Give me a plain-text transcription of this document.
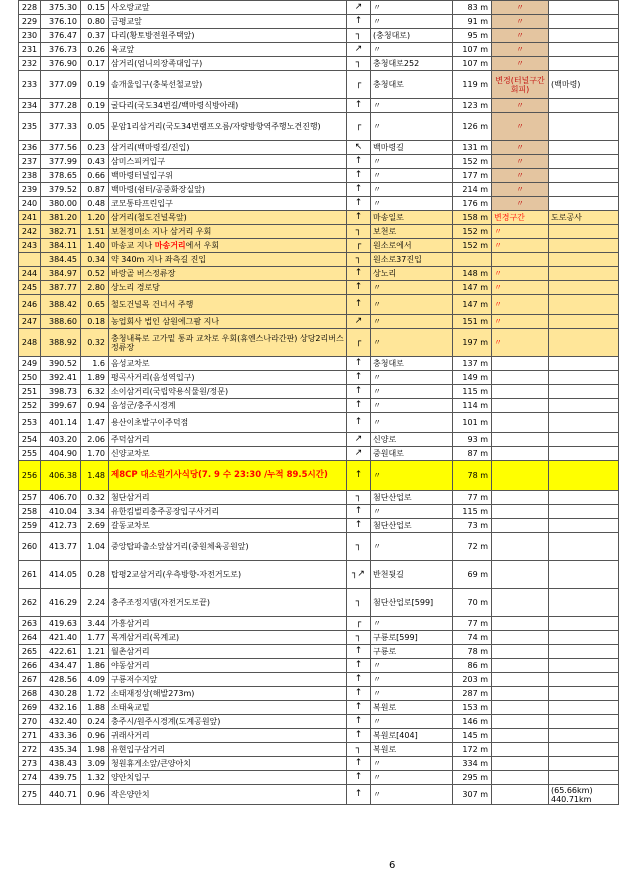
228	375.30	0.15	사오랑교앞	↗	〃	83 m	〃	
229	376.10	0.80	금평교앞	↑	〃	91 m	〃	
230	376.47	0.37	다리(황토방전원주택앞)	┐	(충청대로)	95 m	〃	
231	376.73	0.26	육교앞	↗	〃	107 m	〃	
232	376.90	0.17	삼거리(엄니의장족대입구)	┐	충청대로252	107 m	〃	
233	377.09	0.19	솔개울입구(충북선철교앞)	┌	충청대로	119 m	변경(터널구간회피)	(백마령)
234	377.28	0.19	굴다리(국도34번길/백마령식방아래)	↑	〃	123 m	〃	
235	377.33	0.05	문암1리삼거리(국도34번램프오름/자량방향역주행노견진행)	┌	〃	126 m	〃	
236	377.56	0.23	삼거리(백마령길/진입)	↖	백마령길	131 m	〃	
237	377.99	0.43	삼미스피커입구	↑	〃	152 m	〃	
238	378.65	0.66	백마령터널입구위	↑	〃	177 m	〃	
239	379.52	0.87	백마령(쉼터/공중화장실앞)	↑	〃	214 m	〃	
240	380.00	0.48	코모통타프린입구	↑	〃	176 m	〃	
241	381.20	1.20	삼거리(철도건널목앞)	↑	마송일로	158 m	변경구간	도로공사
242	382.71	1.51	보천정미소 지나 삼거리 우회	┐	보천로	152 m	〃	
243	384.11	1.40	마송교 지나 마송거리에서 우회	┌	원소로에서	152 m	〃	
	384.45	0.34	약 340m 지나 좌측길 진입	┐	원소로37진입			
244	384.97	0.52	바랑골 버스정류장	↑	상노리	148 m	〃	
245	387.77	2.80	상노리 경로당	↑	〃	147 m	〃	
246	388.42	0.65	철도건널목 건너서 주행	↑	〃	147 m	〃	
247	388.60	0.18	농업회사 법인 삼원에그팜 지나	↗	〃	151 m	〃	
248	388.92	0.32	충청내륙로 고가밑 통과 교차로 우회(휴엔스나라간판) 상당2리버스정류장	┌	〃	197 m	〃	
249	390.52	1.6	음성교차로	↑	충청대로	137 m		
250	392.41	1.89	평곡사거리(음성역입구)	↑	〃	149 m		
251	398.73	6.32	소이삼거리(국립약용식물원/정문)	↑	〃	115 m		
252	399.67	0.94	음성군/충주시경계	↑	〃	114 m		
253	401.14	1.47	용산이초발구이주덕점	↑	〃	101 m		
254	403.20	2.06	주덕삼거리	↗	신양로	93 m		
255	404.90	1.70	신양교차로	↗	중원대로	87 m		
256	406.38	1.48	제8CP 대소원기사식당(7. 9 수 23:30 /누적 89.5시간)	↑	〃	78 m		
257	406.70	0.32	첨단삼거리	┐	첨단산업로	77 m		
258	410.04	3.34	유한킴벌리충주공장입구사거리	↑	〃	115 m		
259	412.73	2.69	갈동교차로	↑	첨단산업로	73 m		
260	413.77	1.04	중앙탑파출소앞삼거리(중원체육공원앞)	┐	〃	72 m		
261	414.05	0.28	탑평2교삼거리(우측방향-자전거도로)	┐↗	반천뒷길	69 m		
262	416.29	2.24	충주조정지댐(자전거도로끝)	┐	첨단산업로[599]	70 m		
263	419.63	3.44	가흥삼거리	┌	〃	77 m		
264	421.40	1.77	목계삼거리(목계교)	┐	구룡로[599]	74 m		
265	422.61	1.21	월촌삼거리	↑	구룡로	78 m		
266	434.47	1.86	야동삼거리	↑	〃	86 m		
267	428.56	4.09	구룡저수지앞	↑	〃	203 m		
268	430.28	1.72	소태재정상(해발273m)	↑	〃	287 m		
269	432.16	1.88	소태육교밑	↑	복원로	153 m		
270	432.40	0.24	충주시/원주시경계(도계공원앞)	↑	〃	146 m		
271	433.36	0.96	귀래사거리	↑	복원로[404]	145 m		
272	435.34	1.98	유현입구삼거리	┐	복원로	172 m		
273	438.43	3.09	청원휴게소앞/큰양아치	↑	〃	334 m		
274	439.75	1.32	양안치입구	↑	〃	295 m		
275	440.71	0.96	작은양안치	↑	〃	307 m		(65.66km) 440.71km
6
